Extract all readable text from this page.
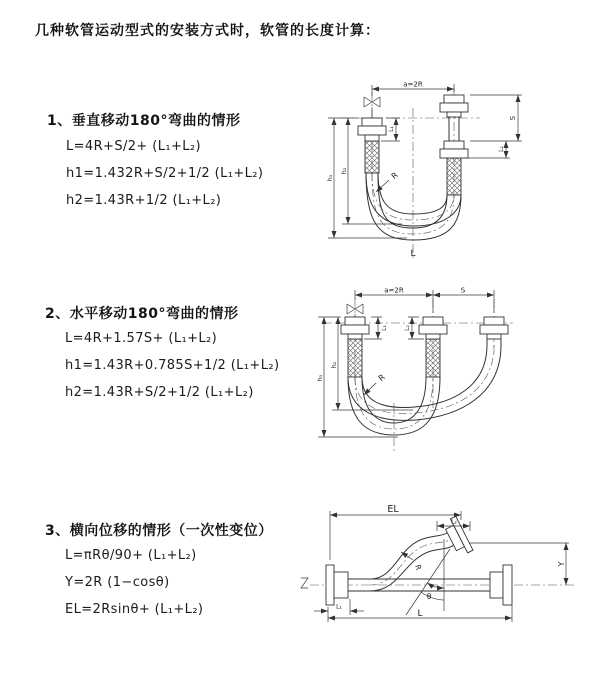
几种软管运动型式的安装方式时，软管的长度计算：
1、垂直移动180°弯曲的情形
L=4R+S/2+ (L₁+L₂)
h1=1.432R+S/2+1/2 (L₁+L₂)
h2=1.43R+1/2 (L₁+L₂)
2、水平移动180°弯曲的情形
L=4R+1.57S+ (L₁+L₂)
h1=1.43R+0.785S+1/2 (L₁+L₂)
h2=1.43R+S/2+1/2 (L₁+L₂)
3、横向位移的情形（一次性变位）
L=πRθ/90+ (L₁+L₂)
Y=2R (1−cosθ)
EL=2Rsinθ+ (L₁+L₂)
a=2R
S
L₂
L₁
h₁
h₂	R
L
a=2R	S
L₁	L₂
h₁
h₂
R
EL
L₂
Y
L
L₁
θ
R
